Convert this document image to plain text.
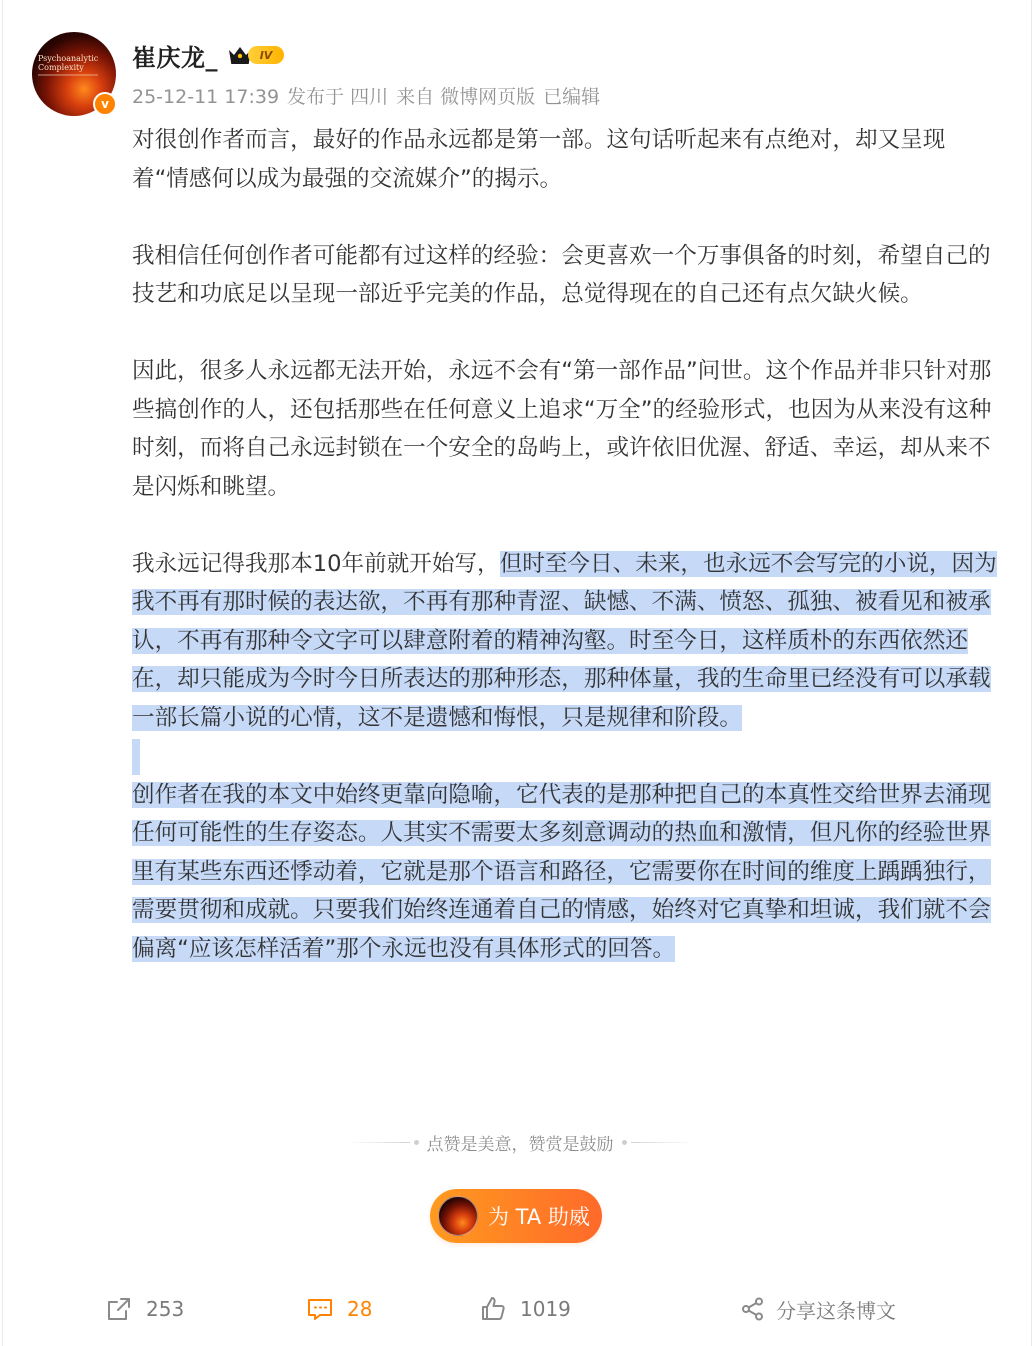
Psychoanalytic
Complexity
v
崔庆龙_	IV
25-12-11 17:39 发布于 四川 来自 微博网页版 已编辑

对很创作者而言，最好的作品永远都是第一部。这句话听起来有点绝对，却又呈现着“情感何以成为最强的交流媒介”的揭示。

我相信任何创作者可能都有过这样的经验：会更喜欢一个万事俱备的时刻，希望自己的技艺和功底足以呈现一部近乎完美的作品，总觉得现在的自己还有点欠缺火候。

因此，很多人永远都无法开始，永远不会有“第一部作品”问世。这个作品并非只针对那些搞创作的人，还包括那些在任何意义上追求“万全”的经验形式，也因为从来没有这种时刻，而将自己永远封锁在一个安全的岛屿上，或许依旧优渥、舒适、幸运，却从来不是闪烁和眺望。

我永远记得我那本10年前就开始写，但时至今日、未来，也永远不会写完的小说，因为我不再有那时候的表达欲，不再有那种青涩、缺憾、不满、愤怒、孤独、被看见和被承认，不再有那种令文字可以肆意附着的精神沟壑。时至今日，这样质朴的东西依然还在，却只能成为今时今日所表达的那种形态，那种体量，我的生命里已经没有可以承载一部长篇小说的心情，这不是遗憾和悔恨，只是规律和阶段。

创作者在我的本文中始终更靠向隐喻，它代表的是那种把自己的本真性交给世界去涌现任何可能性的生存姿态。人其实不需要太多刻意调动的热血和激情，但凡你的经验世界里有某些东西还悸动着，它就是那个语言和路径，它需要你在时间的维度上踽踽独行，需要贯彻和成就。只要我们始终连通着自己的情感，始终对它真挚和坦诚，我们就不会偏离“应该怎样活着”那个永远也没有具体形式的回答。

点赞是美意，赞赏是鼓励
为 TA 助威
253	28	1019	分享这条博文
